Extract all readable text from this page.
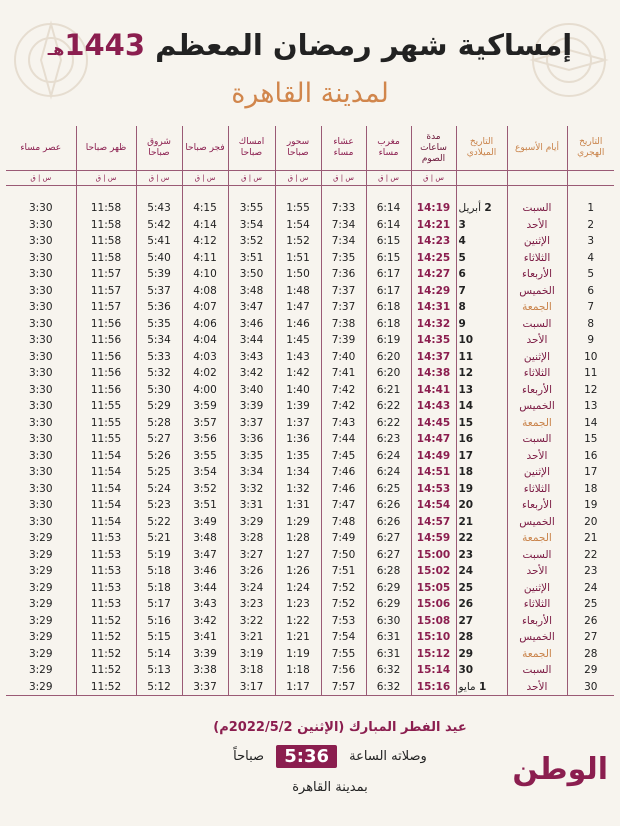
إمساكية شهر رمضان المعظم 1443هـ
لمدينة القاهرة
التاريخ الهجري	أيام الأسبوع	التاريخ الميلادي	مدة ساعات الصوم	مغرب مساء	عشاء مساء	سحور صباحا	امساك صباحا	فجر صباحا	شروق صباحا	ظهر صباحا	عصر مساء
			س | ق	س | ق	س | ق	س | ق	س | ق	س | ق	س | ق	س | ق	س | ق

1	السبت	2 أبريل	14:19	6:14	7:33	1:55	3:55	4:15	5:43	11:58	3:30
2	الأحد	3	14:21	6:14	7:34	1:54	3:54	4:14	5:42	11:58	3:30
3	الإثنين	4	14:23	6:15	7:34	1:52	3:52	4:12	5:41	11:58	3:30
4	الثلاثاء	5	14:25	6:15	7:35	1:51	3:51	4:11	5:40	11:58	3:30
5	الأربعاء	6	14:27	6:17	7:36	1:50	3:50	4:10	5:39	11:57	3:30
6	الخميس	7	14:29	6:17	7:37	1:48	3:48	4:08	5:37	11:57	3:30
7	الجمعة	8	14:31	6:18	7:37	1:47	3:47	4:07	5:36	11:57	3:30
8	السبت	9	14:32	6:18	7:38	1:46	3:46	4:06	5:35	11:56	3:30
9	الأحد	10	14:35	6:19	7:39	1:45	3:44	4:04	5:34	11:56	3:30
10	الإثنين	11	14:37	6:20	7:40	1:43	3:43	4:03	5:33	11:56	3:30
11	الثلاثاء	12	14:38	6:20	7:41	1:42	3:42	4:02	5:32	11:56	3:30
12	الأربعاء	13	14:41	6:21	7:42	1:40	3:40	4:00	5:30	11:56	3:30
13	الخميس	14	14:43	6:22	7:42	1:39	3:39	3:59	5:29	11:55	3:30
14	الجمعة	15	14:45	6:22	7:43	1:37	3:37	3:57	5:28	11:55	3:30
15	السبت	16	14:47	6:23	7:44	1:36	3:36	3:56	5:27	11:55	3:30
16	الأحد	17	14:49	6:24	7:45	1:35	3:35	3:55	5:26	11:54	3:30
17	الإثنين	18	14:51	6:24	7:46	1:34	3:34	3:54	5:25	11:54	3:30
18	الثلاثاء	19	14:53	6:25	7:46	1:32	3:32	3:52	5:24	11:54	3:30
19	الأربعاء	20	14:54	6:26	7:47	1:31	3:31	3:51	5:23	11:54	3:30
20	الخميس	21	14:57	6:26	7:48	1:29	3:29	3:49	5:22	11:54	3:30
21	الجمعة	22	14:59	6:27	7:49	1:28	3:28	3:48	5:21	11:53	3:29
22	السبت	23	15:00	6:27	7:50	1:27	3:27	3:47	5:19	11:53	3:29
23	الأحد	24	15:02	6:28	7:51	1:26	3:26	3:46	5:18	11:53	3:29
24	الإثنين	25	15:05	6:29	7:52	1:24	3:24	3:44	5:18	11:53	3:29
25	الثلاثاء	26	15:06	6:29	7:52	1:23	3:23	3:43	5:17	11:53	3:29
26	الأربعاء	27	15:08	6:30	7:53	1:22	3:22	3:42	5:16	11:52	3:29
27	الخميس	28	15:10	6:31	7:54	1:21	3:21	3:41	5:15	11:52	3:29
28	الجمعة	29	15:12	6:31	7:55	1:19	3:19	3:39	5:14	11:52	3:29
29	السبت	30	15:14	6:32	7:56	1:18	3:18	3:38	5:13	11:52	3:29
30	الأحد	1 مايو	15:16	6:32	7:57	1:17	3:17	3:37	5:12	11:52	3:29
عيد الفطر المبارك (الإثنين 2022/5/2م)
وصلاته الساعة 5:36 صباحاً
بمدينة القاهرة
الوطن
